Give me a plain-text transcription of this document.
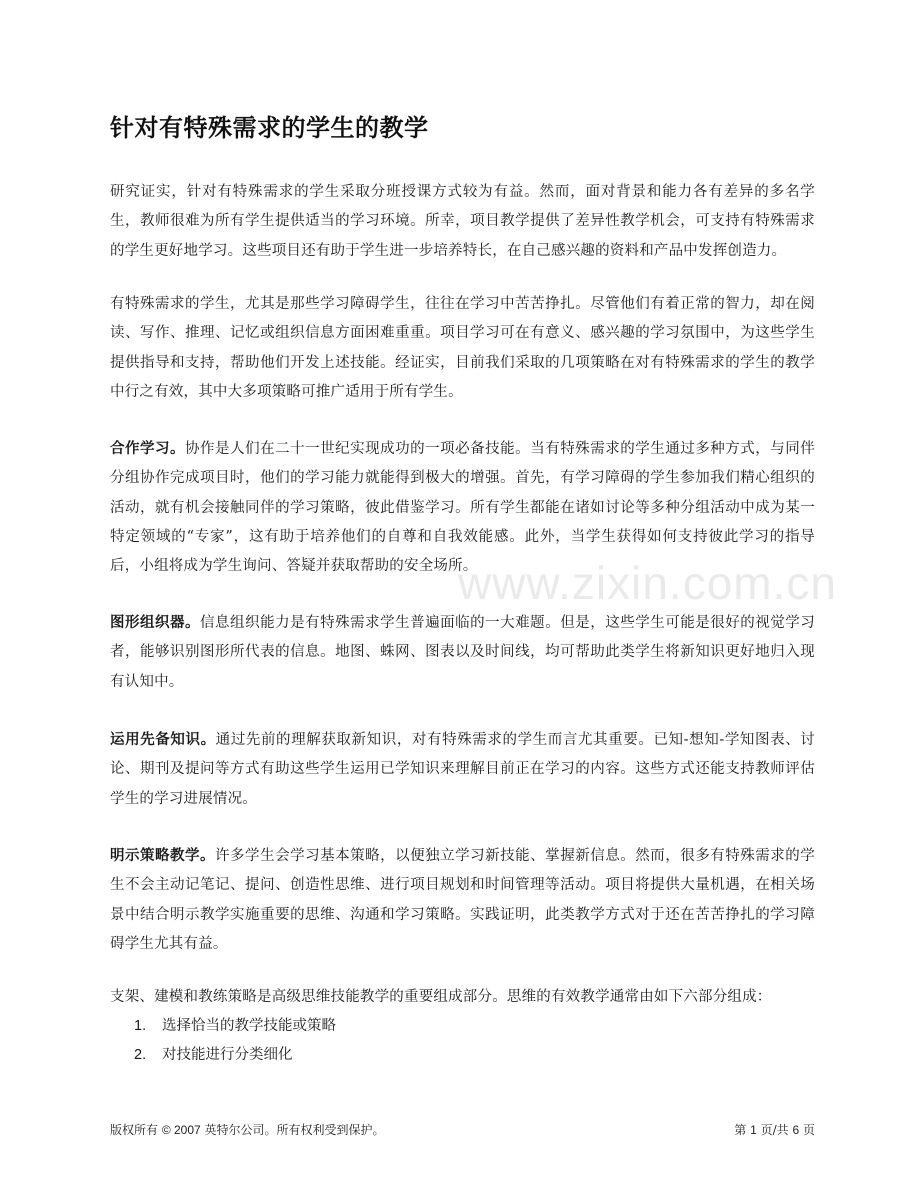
针对有特殊需求的学生的教学

研究证实，针对有特殊需求的学生采取分班授课方式较为有益。然而，面对背景和能力各有差异的多名学生，教师很难为所有学生提供适当的学习环境。所幸，项目教学提供了差异性教学机会，可支持有特殊需求的学生更好地学习。这些项目还有助于学生进一步培养特长，在自己感兴趣的资料和产品中发挥创造力。

有特殊需求的学生，尤其是那些学习障碍学生，往往在学习中苦苦挣扎。尽管他们有着正常的智力，却在阅读、写作、推理、记忆或组织信息方面困难重重。项目学习可在有意义、感兴趣的学习氛围中，为这些学生提供指导和支持，帮助他们开发上述技能。经证实，目前我们采取的几项策略在对有特殊需求的学生的教学中行之有效，其中大多项策略可推广适用于所有学生。

合作学习。协作是人们在二十一世纪实现成功的一项必备技能。当有特殊需求的学生通过多种方式，与同伴分组协作完成项目时，他们的学习能力就能得到极大的增强。首先，有学习障碍的学生参加我们精心组织的活动，就有机会接触同伴的学习策略，彼此借鉴学习。所有学生都能在诸如讨论等多种分组活动中成为某一特定领域的“专家”，这有助于培养他们的自尊和自我效能感。此外，当学生获得如何支持彼此学习的指导后，小组将成为学生询问、答疑并获取帮助的安全场所。

图形组织器。信息组织能力是有特殊需求学生普遍面临的一大难题。但是，这些学生可能是很好的视觉学习者，能够识别图形所代表的信息。地图、蛛网、图表以及时间线，均可帮助此类学生将新知识更好地归入现有认知中。

运用先备知识。通过先前的理解获取新知识，对有特殊需求的学生而言尤其重要。已知-想知-学知图表、讨论、期刊及提问等方式有助这些学生运用已学知识来理解目前正在学习的内容。这些方式还能支持教师评估学生的学习进展情况。

明示策略教学。许多学生会学习基本策略，以便独立学习新技能、掌握新信息。然而，很多有特殊需求的学生不会主动记笔记、提问、创造性思维、进行项目规划和时间管理等活动。项目将提供大量机遇，在相关场景中结合明示教学实施重要的思维、沟通和学习策略。实践证明，此类教学方式对于还在苦苦挣扎的学习障碍学生尤其有益。

支架、建模和教练策略是高级思维技能教学的重要组成部分。思维的有效教学通常由如下六部分组成：

1.	选择恰当的教学技能或策略
2.	对技能进行分类细化
版权所有 © 2007 英特尔公司。所有权利受到保护。	第 1 页/共 6 页
www.zixin.com.cn
